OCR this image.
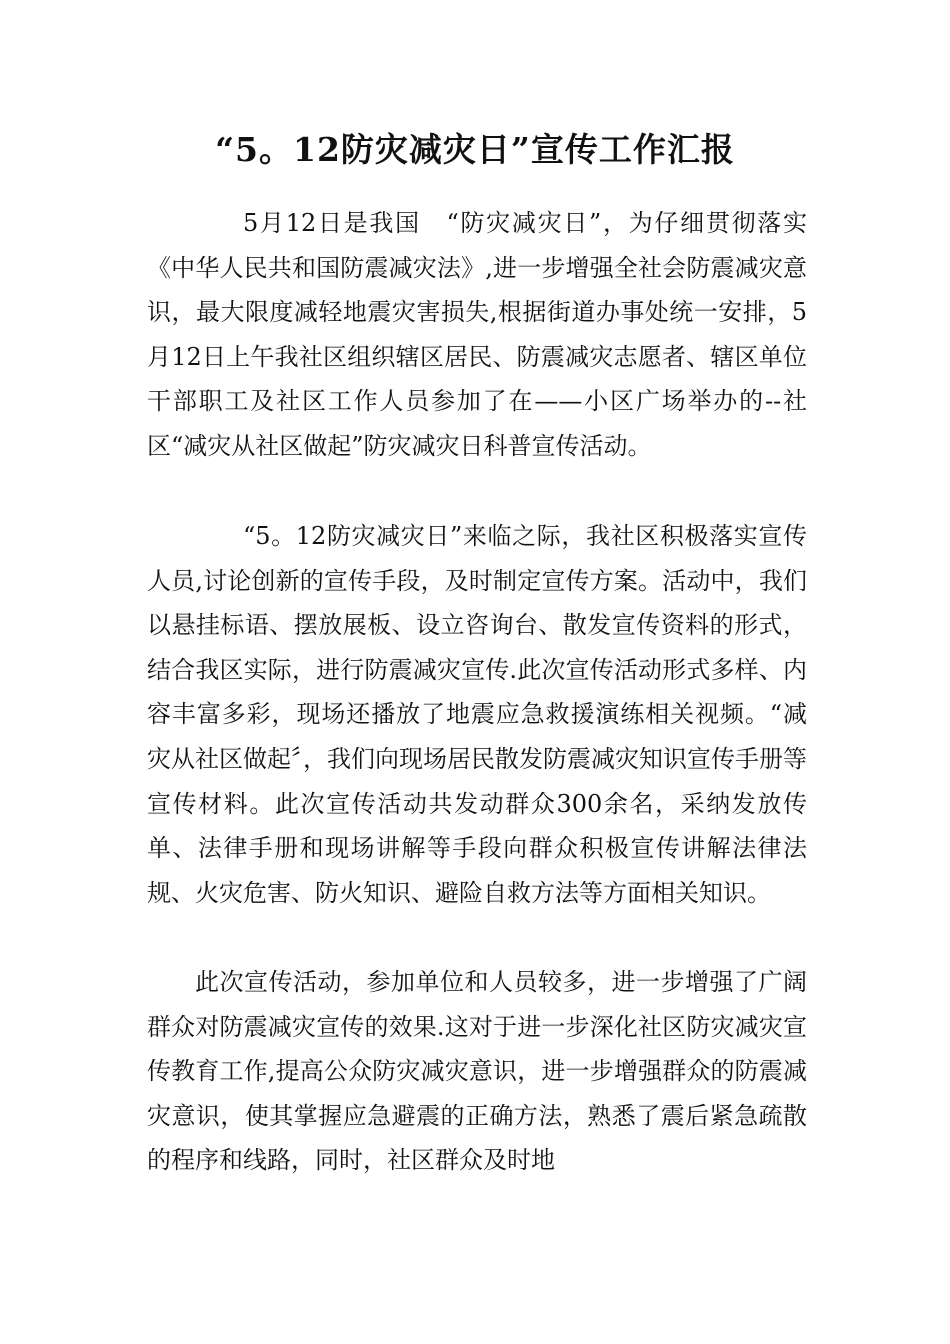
“5。12防灾减灾日”宣传工作汇报

5月12日是我国　“防灾减灾日”，为仔细贯彻落实《中华人民共和国防震减灾法》,进一步增强全社会防震减灾意识，最大限度减轻地震灾害损失,根据街道办事处统一安排，5月12日上午我社区组织辖区居民、防震减灾志愿者、辖区单位干部职工及社区工作人员参加了在——小区广场举办的--社区“减灾从社区做起”防灾减灾日科普宣传活动。

“5。12防灾减灾日”来临之际，我社区积极落实宣传人员,讨论创新的宣传手段，及时制定宣传方案。活动中，我们以悬挂标语、摆放展板、设立咨询台、散发宣传资料的形式，结合我区实际，进行防震减灾宣传.此次宣传活动形式多样、内容丰富多彩，现场还播放了地震应急救援演练相关视频。“减灾从社区做起〞，我们向现场居民散发防震减灾知识宣传手册等宣传材料。此次宣传活动共发动群众300余名，采纳发放传单、法律手册和现场讲解等手段向群众积极宣传讲解法律法规、火灾危害、防火知识、避险自救方法等方面相关知识。

此次宣传活动，参加单位和人员较多，进一步增强了广阔群众对防震减灾宣传的效果.这对于进一步深化社区防灾减灾宣传教育工作,提高公众防灾减灾意识，进一步增强群众的防震减灾意识，使其掌握应急避震的正确方法，熟悉了震后紧急疏散的程序和线路，同时，社区群众及时地
